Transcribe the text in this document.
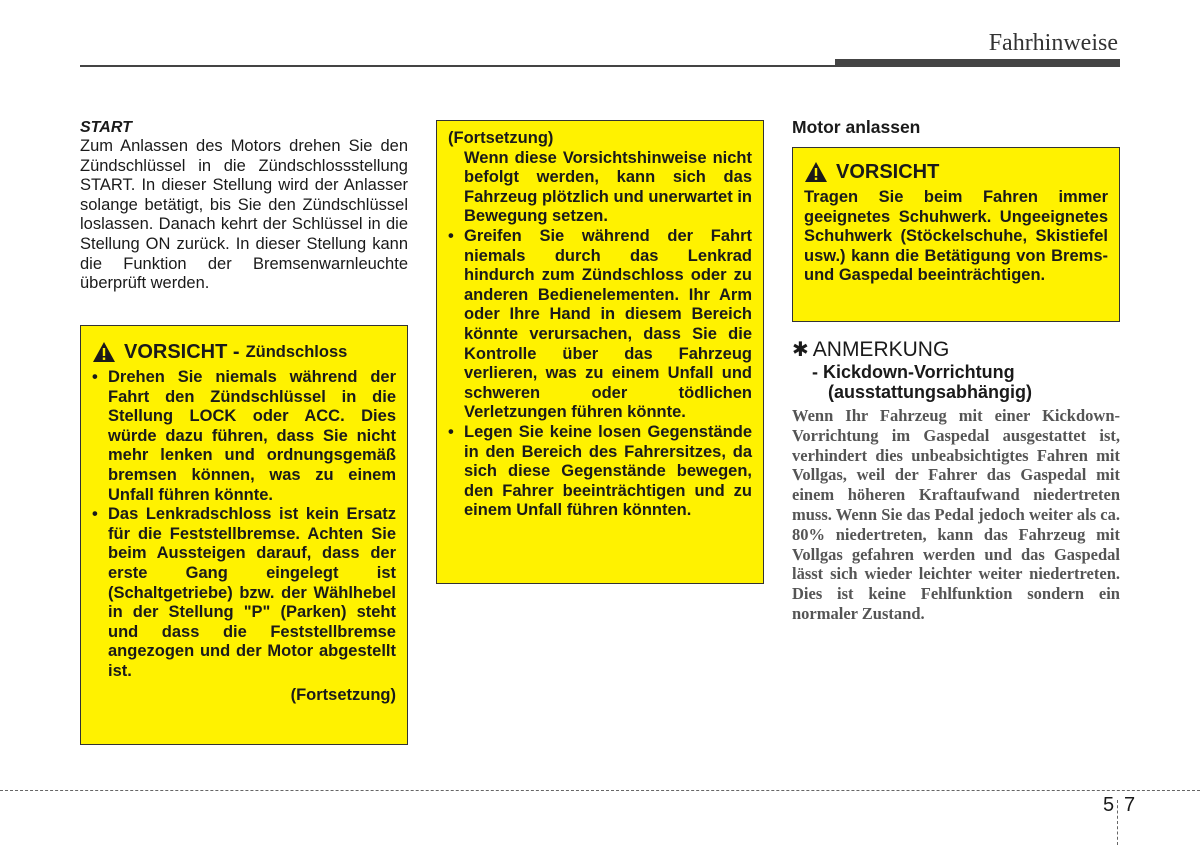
Fahrhinweise
START
Zum Anlassen des Motors drehen Sie den Zündschlüssel in die Zündschlossstellung START. In dieser Stellung wird der Anlasser solange betätigt, bis Sie den Zündschlüssel loslassen. Danach kehrt der Schlüssel in die Stellung ON zurück. In dieser Stellung kann die Funktion der Bremsenwarnleuchte überprüft werden.
VORSICHT - Zündschloss
• Drehen Sie niemals während der Fahrt den Zündschlüssel in die Stellung LOCK oder ACC. Dies würde dazu führen, dass Sie nicht mehr lenken und ordnungsgemäß bremsen können, was zu einem Unfall führen könnte.
• Das Lenkradschloss ist kein Ersatz für die Feststellbremse. Achten Sie beim Aussteigen darauf, dass der erste Gang eingelegt ist (Schaltgetriebe) bzw. der Wählhebel in der Stellung "P" (Parken) steht und dass die Feststellbremse angezogen und der Motor abgestellt ist.
(Fortsetzung)
(Fortsetzung)
Wenn diese Vorsichtshinweise nicht befolgt werden, kann sich das Fahrzeug plötzlich und unerwartet in Bewegung setzen.
• Greifen Sie während der Fahrt niemals durch das Lenkrad hindurch zum Zündschloss oder zu anderen Bedienelementen. Ihr Arm oder Ihre Hand in diesem Bereich könnte verursachen, dass Sie die Kontrolle über das Fahrzeug verlieren, was zu einem Unfall und schweren oder tödlichen Verletzungen führen könnte.
• Legen Sie keine losen Gegenstände in den Bereich des Fahrersitzes, da sich diese Gegenstände bewegen, den Fahrer beeinträchtigen und zu einem Unfall führen könnten.
Motor anlassen
VORSICHT
Tragen Sie beim Fahren immer geeignetes Schuhwerk. Ungeeignetes Schuhwerk (Stöckelschuhe, Skistiefel usw.) kann die Betätigung von Brems- und Gaspedal beeinträchtigen.
✱ ANMERKUNG
- Kickdown-Vorrichtung
(ausstattungsabhängig)
Wenn Ihr Fahrzeug mit einer Kickdown-Vorrichtung im Gaspedal ausgestattet ist, verhindert dies unbeabsichtigtes Fahren mit Vollgas, weil der Fahrer das Gaspedal mit einem höheren Kraftaufwand niedertreten muss. Wenn Sie das Pedal jedoch weiter als ca. 80% niedertreten, kann das Fahrzeug mit Vollgas gefahren werden und das Gaspedal lässt sich wieder leichter weiter niedertreten. Dies ist keine Fehlfunktion sondern ein normaler Zustand.
5 7
